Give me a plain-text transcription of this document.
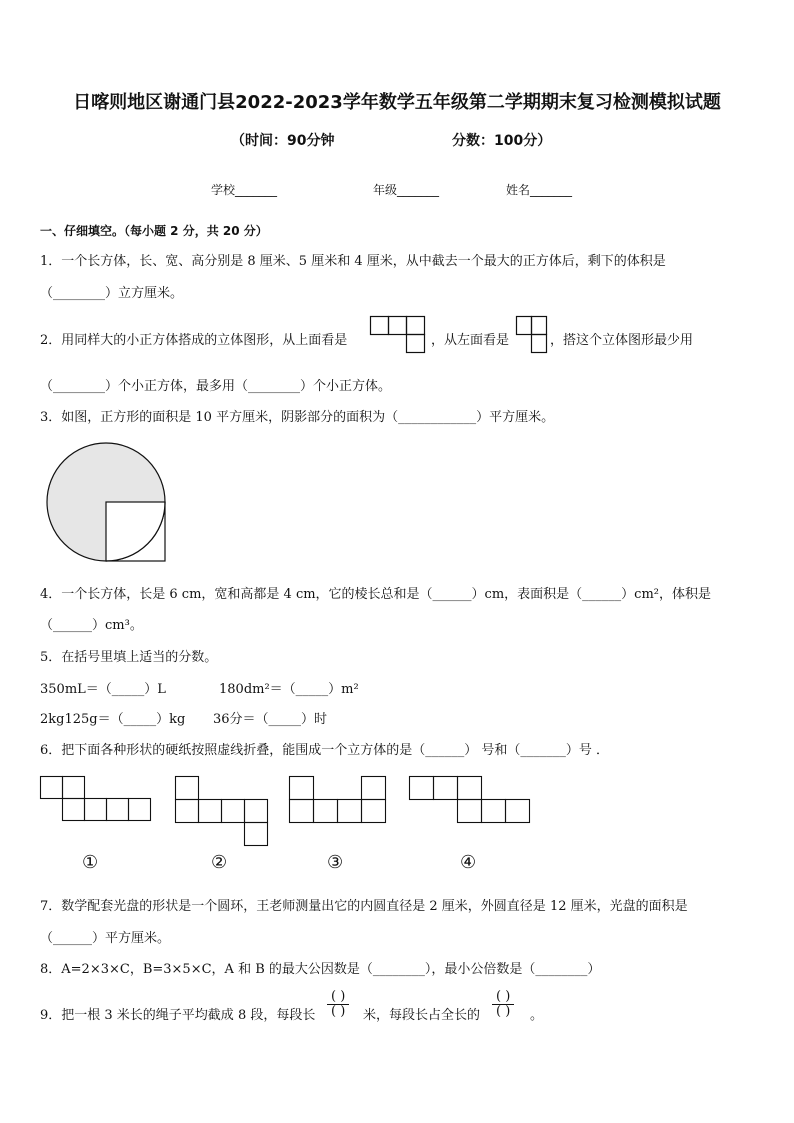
日喀则地区谢通门县2022-2023学年数学五年级第二学期期末复习检测模拟试题
（时间：90分钟	分数：100分）
学校_______	年级_______	姓名_______
一、仔细填空。（每小题 2 分，共 20 分）
1．一个长方体，长、宽、高分别是 8 厘米、5 厘米和 4 厘米，从中截去一个最大的正方体后，剩下的体积是
（________）立方厘米。
2．用同样大的小正方体搭成的立体图形，从上面看是	，从左面看是	，搭这个立体图形最少用
（________）个小正方体，最多用（________）个小正方体。
3．如图，正方形的面积是 10 平方厘米，阴影部分的面积为（____________）平方厘米。
4．一个长方体，长是 6 cm，宽和高都是 4 cm，它的棱长总和是（______）cm，表面积是（______）cm²，体积是
（______）cm³。
5．在括号里填上适当的分数。
350mL＝（_____）L	180dm²＝（_____）m²
2kg125g＝（_____）kg 36分＝（_____）时
6．把下面各种形状的硬纸按照虚线折叠，能围成一个立方体的是（______） 号和（_______）号 ．
①	②	③	④
7．数学配套光盘的形状是一个圆环，王老师测量出它的内圆直径是 2 厘米，外圆直径是 12 厘米，光盘的面积是
（______）平方厘米。
8．A=2×3×C，B=3×5×C，A 和 B 的最大公因数是（________），最小公倍数是（________）
9．把一根 3 米长的绳子平均截成 8 段，每段长 $\frac{( )}{( )}$ 米，每段长占全长的 $\frac{( )}{( )}$ 。
